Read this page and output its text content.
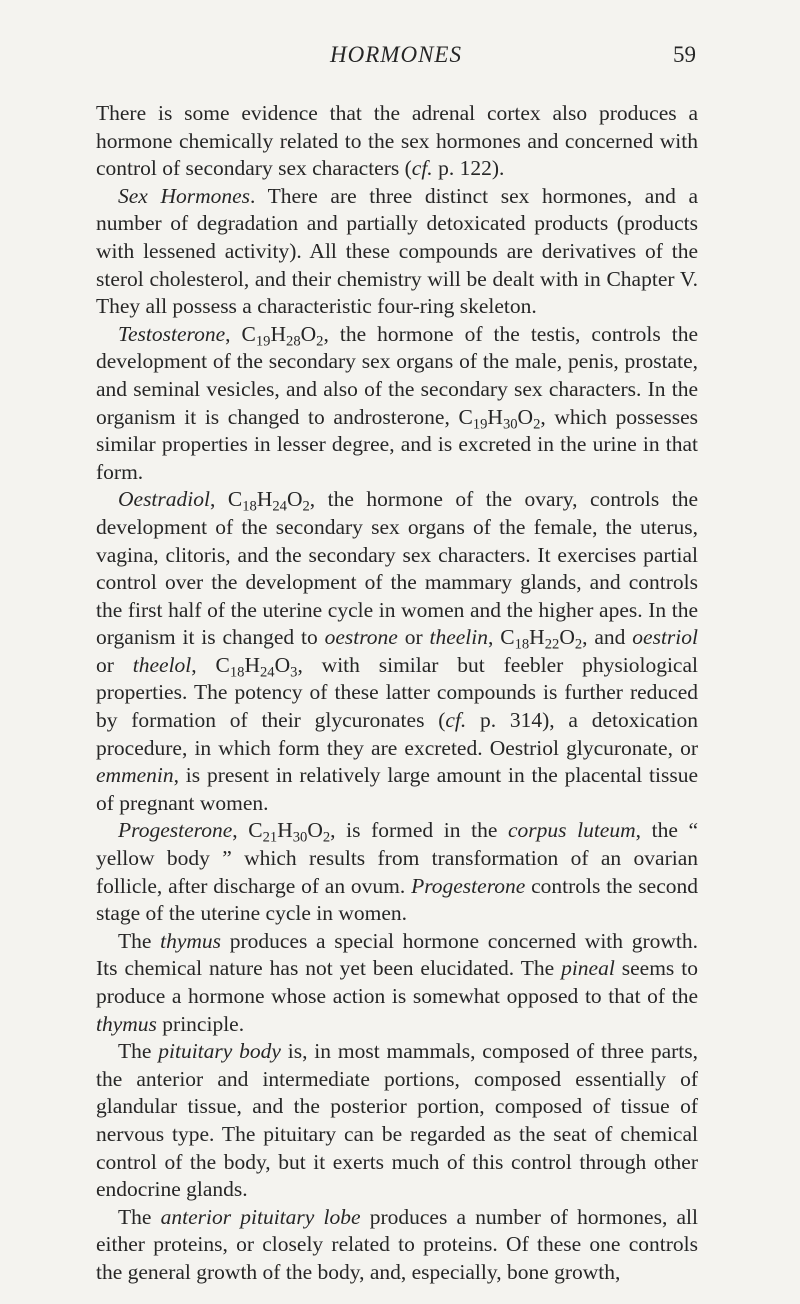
HORMONES	59

There is some evidence that the adrenal cortex also produces a hormone chemically related to the sex hormones and concerned with control of secondary sex characters (cf. p. 122).

Sex Hormones. There are three distinct sex hormones, and a number of degradation and partially detoxicated products (products with lessened activity). All these compounds are derivatives of the sterol cholesterol, and their chemistry will be dealt with in Chapter V. They all possess a characteristic four-ring skeleton.

Testosterone, $C_{19}H_{28}O_2$, the hormone of the testis, controls the development of the secondary sex organs of the male, penis, prostate, and seminal vesicles, and also of the secondary sex characters. In the organism it is changed to androsterone, $C_{19}H_{30}O_2$, which possesses similar properties in lesser degree, and is excreted in the urine in that form.

Oestradiol, $C_{18}H_{24}O_2$, the hormone of the ovary, controls the development of the secondary sex organs of the female, the uterus, vagina, clitoris, and the secondary sex characters. It exercises partial control over the development of the mammary glands, and controls the first half of the uterine cycle in women and the higher apes. In the organism it is changed to oestrone or theelin, $C_{18}H_{22}O_2$, and oestriol or theelol, $C_{18}H_{24}O_3$, with similar but feebler physiological properties. The potency of these latter compounds is further reduced by formation of their glycuronates (cf. p. 314), a detoxication procedure, in which form they are excreted. Oestriol glycuronate, or emmenin, is present in relatively large amount in the placental tissue of pregnant women.

Progesterone, $C_{21}H_{30}O_2$, is formed in the corpus luteum, the “ yellow body ” which results from transformation of an ovarian follicle, after discharge of an ovum. Progesterone controls the second stage of the uterine cycle in women.

The thymus produces a special hormone concerned with growth. Its chemical nature has not yet been elucidated. The pineal seems to produce a hormone whose action is somewhat opposed to that of the thymus principle.

The pituitary body is, in most mammals, composed of three parts, the anterior and intermediate portions, composed essentially of glandular tissue, and the posterior portion, composed of tissue of nervous type. The pituitary can be regarded as the seat of chemical control of the body, but it exerts much of this control through other endocrine glands.

The anterior pituitary lobe produces a number of hormones, all either proteins, or closely related to proteins. Of these one controls the general growth of the body, and, especially, bone growth,
